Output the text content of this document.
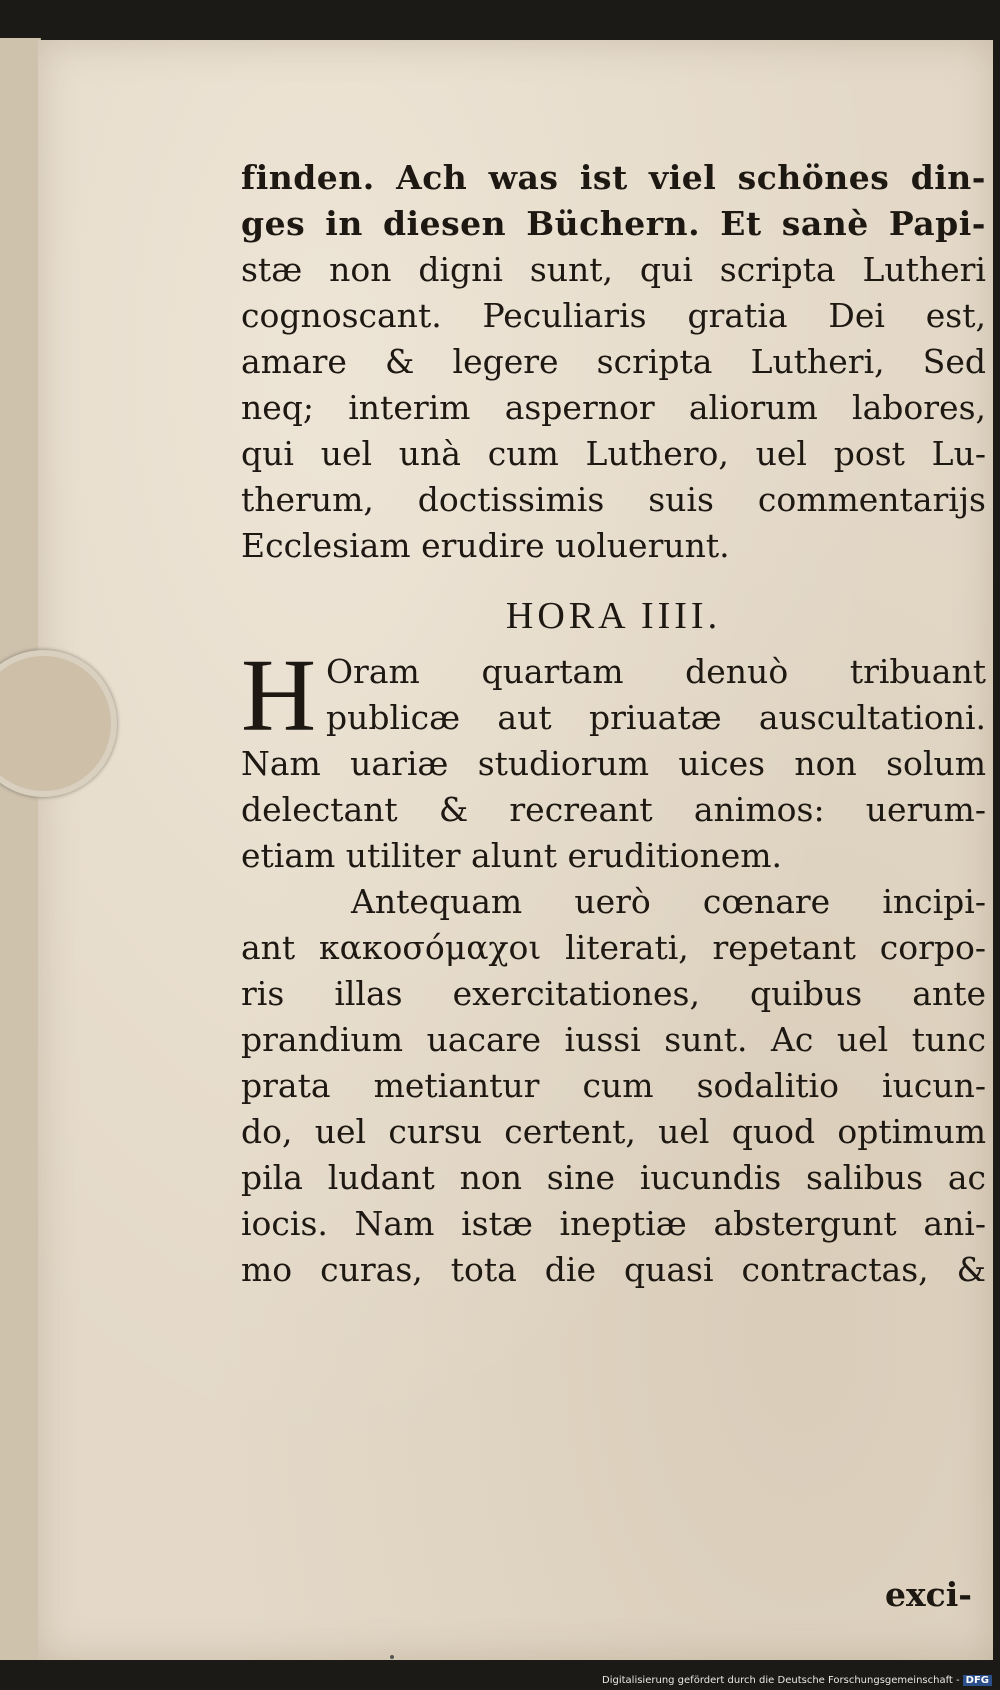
finden. Ach was ist viel schönes din-
ges in diesen Büchern. Et sanè Papi-
stæ non digni sunt, qui scripta Lutheri
cognoscant. Peculiaris gratia Dei est,
amare & legere scripta Lutheri, Sed
neq; interim aspernor aliorum labores,
qui uel unà cum Luthero, uel post Lu-
therum, doctissimis suis commentarijs
Ecclesiam erudire uoluerunt.
HORA IIII.
H Oram quartam denuò tribuant
publicæ aut priuatæ auscultationi.
Nam uariæ studiorum uices non solum
delectant & recreant animos: uerum-
etiam utiliter alunt eruditionem.
Antequam uerò cœnare incipi-
ant κακοσόμαχοι literati, repetant corpo-
ris illas exercitationes, quibus ante
prandium uacare iussi sunt. Ac uel tunc
prata metiantur cum sodalitio iucun-
do, uel cursu certent, uel quod optimum
pila ludant non sine iucundis salibus ac
iocis. Nam istæ ineptiæ abstergunt ani-
mo curas, tota die quasi contractas, &
exci-
Digitalisierung gefördert durch die Deutsche Forschungsgemeinschaft - DFG
